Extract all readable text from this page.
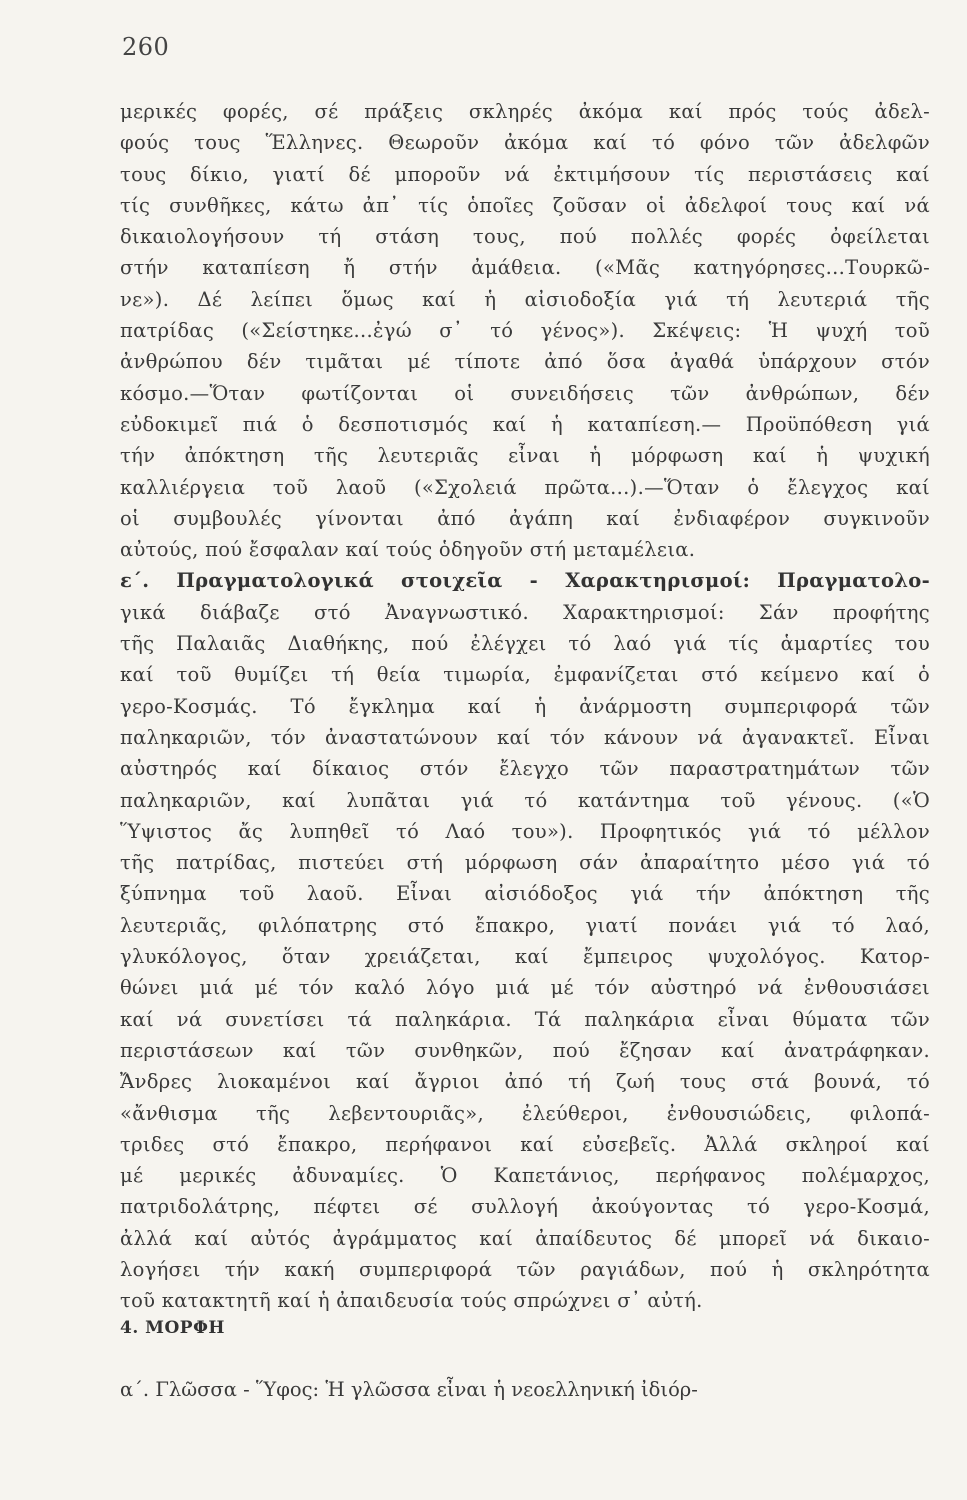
260
μερικές φορές, σέ πράξεις σκληρές ἀκόμα καί πρός τούς ἀδελ-
φούς τους Ἕλληνες. Θεωροῦν ἀκόμα καί τό φόνο τῶν ἀδελφῶν
τους δίκιο, γιατί δέ μποροῦν νά ἐκτιμήσουν τίς περιστάσεις καί
τίς συνθῆκες, κάτω ἀπ᾽ τίς ὁποῖες ζοῦσαν οἱ ἀδελφοί τους καί νά
δικαιολογήσουν τή στάση τους, πού πολλές φορές ὀφείλεται
στήν καταπίεση ἤ στήν ἀμάθεια. («Μᾶς κατηγόρησες...Τουρκῶ-
νε»). Δέ λείπει ὅμως καί ἡ αἰσιοδοξία γιά τή λευτεριά τῆς
πατρίδας («Σείστηκε...ἐγώ σ᾽ τό γένος»). Σκέψεις: Ἡ ψυχή τοῦ
ἀνθρώπου δέν τιμᾶται μέ τίποτε ἀπό ὅσα ἀγαθά ὑπάρχουν στόν
κόσμο.—Ὅταν φωτίζονται οἱ συνειδήσεις τῶν ἀνθρώπων, δέν
εὐδοκιμεῖ πιά ὁ δεσποτισμός καί ἡ καταπίεση.— Προϋπόθεση γιά
τήν ἀπόκτηση τῆς λευτεριᾶς εἶναι ἡ μόρφωση καί ἡ ψυχική
καλλιέργεια τοῦ λαοῦ («Σχολειά πρῶτα...).—Ὅταν ὁ ἔλεγχος καί
οἱ συμβουλές γίνονται ἀπό ἀγάπη καί ἐνδιαφέρον συγκινοῦν
αὐτούς, πού ἔσφαλαν καί τούς ὁδηγοῦν στή μεταμέλεια.
ε΄. Πραγματολογικά στοιχεῖα - Χαρακτηρισμοί: Πραγματολο-
γικά διάβαζε στό Ἀναγνωστικό. Χαρακτηρισμοί: Σάν προφήτης
τῆς Παλαιᾶς Διαθήκης, πού ἐλέγχει τό λαό γιά τίς ἁμαρτίες του
καί τοῦ θυμίζει τή θεία τιμωρία, ἐμφανίζεται στό κείμενο καί ὁ
γερο-Κοσμάς. Τό ἔγκλημα καί ἡ ἀνάρμοστη συμπεριφορά τῶν
παληκαριῶν, τόν ἀναστατώνουν καί τόν κάνουν νά ἀγανακτεῖ. Εἶναι
αὐστηρός καί δίκαιος στόν ἔλεγχο τῶν παραστρατημάτων τῶν
παληκαριῶν, καί λυπᾶται γιά τό κατάντημα τοῦ γένους. («Ὁ
Ὕψιστος ἄς λυπηθεῖ τό Λαό του»). Προφητικός γιά τό μέλλον
τῆς πατρίδας, πιστεύει στή μόρφωση σάν ἀπαραίτητο μέσο γιά τό
ξύπνημα τοῦ λαοῦ. Εἶναι αἰσιόδοξος γιά τήν ἀπόκτηση τῆς
λευτεριᾶς, φιλόπατρης στό ἔπακρο, γιατί πονάει γιά τό λαό,
γλυκόλογος, ὅταν χρειάζεται, καί ἔμπειρος ψυχολόγος. Κατορ-
θώνει μιά μέ τόν καλό λόγο μιά μέ τόν αὐστηρό νά ἐνθουσιάσει
καί νά συνετίσει τά παληκάρια. Τά παληκάρια εἶναι θύματα τῶν
περιστάσεων καί τῶν συνθηκῶν, πού ἔζησαν καί ἀνατράφηκαν.
Ἄνδρες λιοκαμένοι καί ἄγριοι ἀπό τή ζωή τους στά βουνά, τό
«ἄνθισμα τῆς λεβεντουριᾶς», ἐλεύθεροι, ἐνθουσιώδεις, φιλοπά-
τριδες στό ἔπακρο, περήφανοι καί εὐσεβεῖς. Ἀλλά σκληροί καί
μέ μερικές ἀδυναμίες. Ὁ Καπετάνιος, περήφανος πολέμαρχος,
πατριδολάτρης, πέφτει σέ συλλογή ἀκούγοντας τό γερο-Κοσμά,
ἀλλά καί αὐτός ἀγράμματος καί ἀπαίδευτος δέ μπορεῖ νά δικαιο-
λογήσει τήν κακή συμπεριφορά τῶν ραγιάδων, πού ἡ σκληρότητα
τοῦ κατακτητῆ καί ἡ ἀπαιδευσία τούς σπρώχνει σ᾽ αὐτή.
4. ΜΟΡΦΗ
α΄. Γλῶσσα - Ὕφος: Ἡ γλῶσσα εἶναι ἡ νεοελληνική ἰδιόρ-
